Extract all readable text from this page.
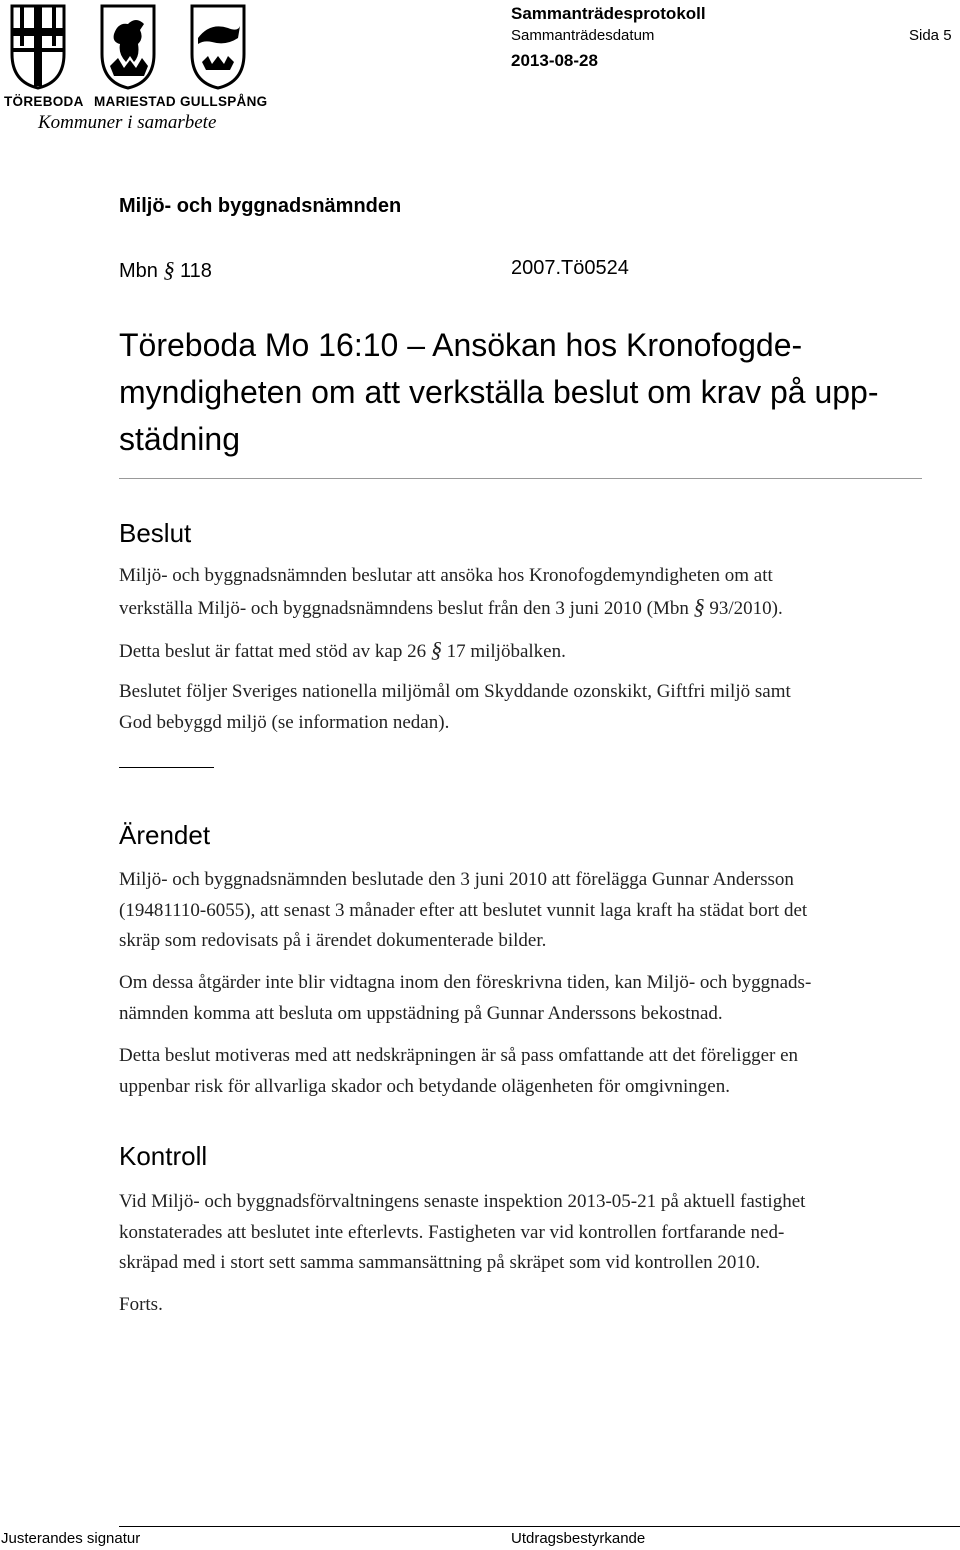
TÖREBODA MARIESTAD GULLSPÅNG
Kommuner i samarbete
Sammanträdesprotokoll
Sammanträdesdatum	Sida 5
2013-08-28
Miljö- och byggnadsnämnden
Mbn § 118	2007.Tö0524
Töreboda Mo 16:10 – Ansökan hos Kronofogde-
myndigheten om att verkställa beslut om krav på upp-
städning
Beslut
Miljö- och byggnadsnämnden beslutar att ansöka hos Kronofogdemyndigheten om att
verkställa Miljö- och byggnadsnämndens beslut från den 3 juni 2010 (Mbn § 93/2010).
Detta beslut är fattat med stöd av kap 26 § 17 miljöbalken.
Beslutet följer Sveriges nationella miljömål om Skyddande ozonskikt, Giftfri miljö samt
God bebyggd miljö (se information nedan).
Ärendet
Miljö- och byggnadsnämnden beslutade den 3 juni 2010 att förelägga Gunnar Andersson
(19481110-6055), att senast 3 månader efter att beslutet vunnit laga kraft ha städat bort det
skräp som redovisats på i ärendet dokumenterade bilder.
Om dessa åtgärder inte blir vidtagna inom den föreskrivna tiden, kan Miljö- och byggnads-
nämnden komma att besluta om uppstädning på Gunnar Anderssons bekostnad.
Detta beslut motiveras med att nedskräpningen är så pass omfattande att det föreligger en
uppenbar risk för allvarliga skador och betydande olägenheten för omgivningen.
Kontroll
Vid Miljö- och byggnadsförvaltningens senaste inspektion 2013-05-21 på aktuell fastighet
konstaterades att beslutet inte efterlevts. Fastigheten var vid kontrollen fortfarande ned-
skräpad med i stort sett samma sammansättning på skräpet som vid kontrollen 2010.
Forts.
Justerandes signatur	Utdragsbestyrkande
